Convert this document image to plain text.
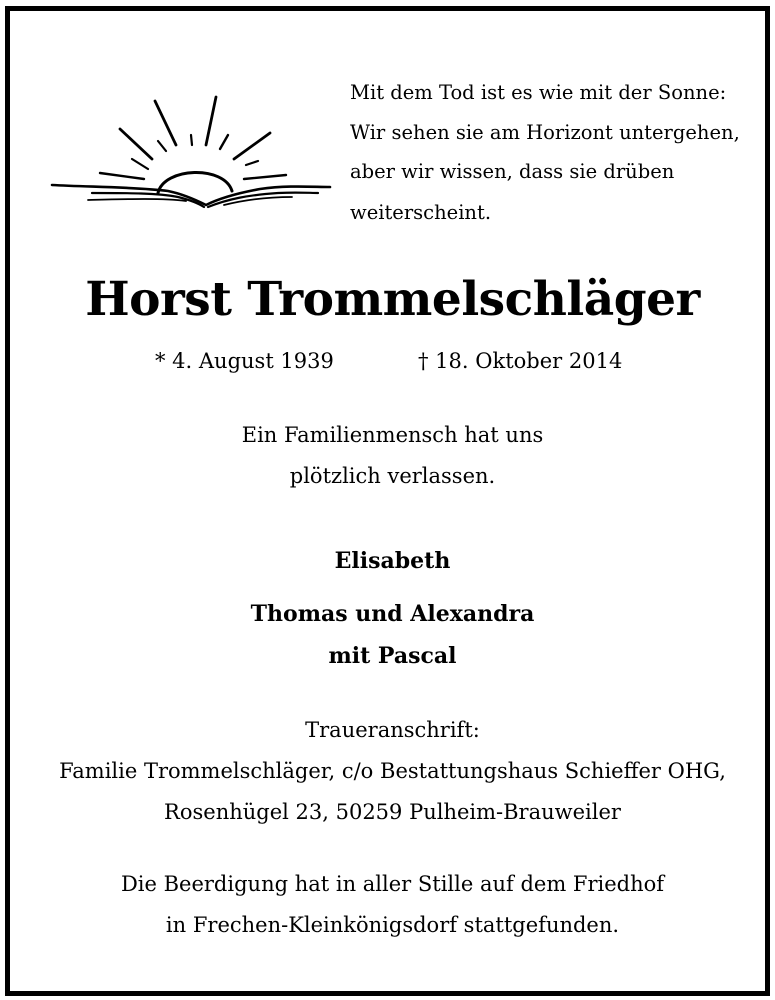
Mit dem Tod ist es wie mit der Sonne:
Wir sehen sie am Horizont untergehen,
aber wir wissen, dass sie drüben
weiterscheint.
Horst Trommelschläger
* 4. August 1939	† 18. Oktober 2014
Ein Familienmensch hat uns
plötzlich verlassen.
Elisabeth
Thomas und Alexandra
mit Pascal
Traueranschrift:
Familie Trommelschläger, c/o Bestattungshaus Schieffer OHG,
Rosenhügel 23, 50259 Pulheim-Brauweiler
Die Beerdigung hat in aller Stille auf dem Friedhof
in Frechen-Kleinkönigsdorf stattgefunden.
